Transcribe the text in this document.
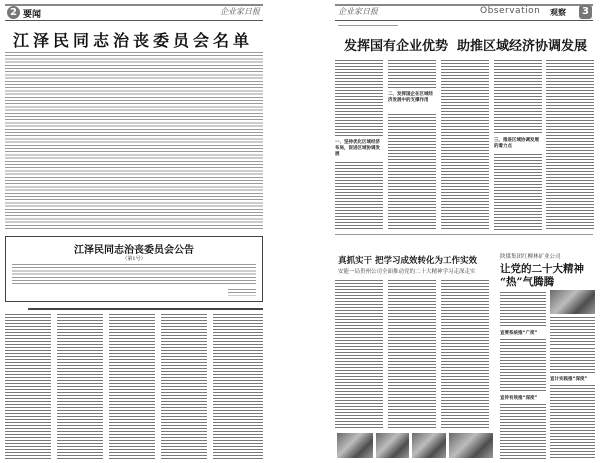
2 要闻	企业家日报
江泽民同志治丧委员会名单
江泽民同志治丧委员会公告
（第1号）
企业家日报	Observation 观察	3
发挥国有企业优势  助推区域经济协调发展
一、坚持优化区域经济布局，促进区域协调发展
二、发挥国企在区域经济发展中的支撑作用
三、推进区域协调发展的着力点
真抓实干 把学习成效转化为工作实效
安能一局贵州公司全面推动党的二十大精神学习走深走实
陕煤集团红柳林矿业公司
让党的二十大精神
“热”气腾腾
宣要系统推“广度”
宣传有效推“深度”
宣计实践推“深度”
